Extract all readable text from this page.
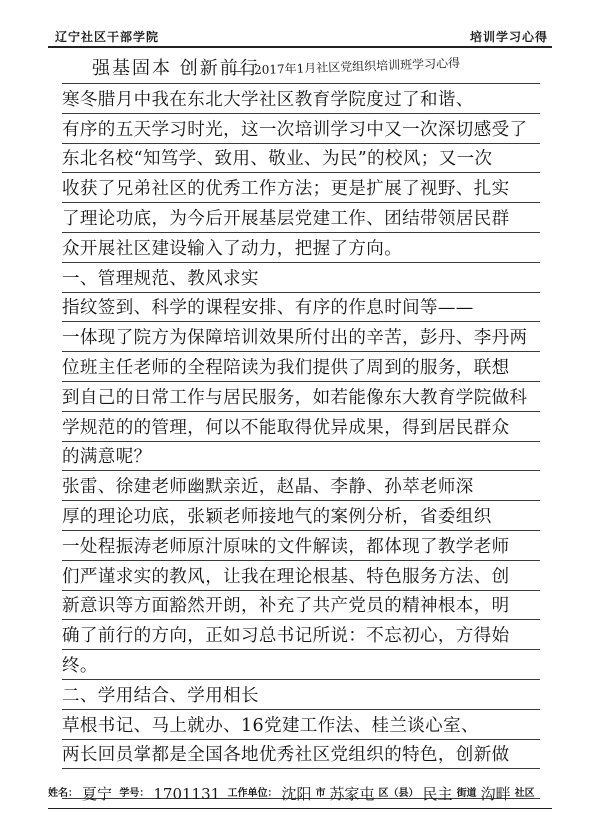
辽宁社区干部学院	培训学习心得
强基固本 创新前行
——2017年1月社区党组织培训班学习心得
寒冬腊月中我在东北大学社区教育学院度过了和谐、
有序的五天学习时光，这一次培训学习中又一次深切感受了
东北名校“知笃学、致用、敬业、为民”的校风；又一次
收获了兄弟社区的优秀工作方法；更是扩展了视野、扎实
了理论功底，为今后开展基层党建工作、团结带领居民群
众开展社区建设输入了动力，把握了方向。
一、管理规范、教风求实
指纹签到、科学的课程安排、有序的作息时间等——
一体现了院方为保障培训效果所付出的辛苦，彭丹、李丹两
位班主任老师的全程陪读为我们提供了周到的服务，联想
到自己的日常工作与居民服务，如若能像东大教育学院做科
学规范的的管理，何以不能取得优异成果，得到居民群众
的满意呢？
张雷、徐建老师幽默亲近，赵晶、李静、孙萃老师深
厚的理论功底，张颖老师接地气的案例分析，省委组织
一处程振涛老师原汁原味的文件解读，都体现了教学老师
们严谨求实的教风，让我在理论根基、特色服务方法、创
新意识等方面豁然开朗，补充了共产党员的精神根本，明
确了前行的方向，正如习总书记所说：不忘初心，方得始
终。
二、学用结合、学用相长
草根书记、马上就办、16党建工作法、桂兰谈心室、
两长回员掌都是全国各地优秀社区党组织的特色，创新做
姓名： 夏宁 学号： 1701131 工作单位： 沈阳 市 苏家屯 区（县） 民主 街道 沟畔 社区
